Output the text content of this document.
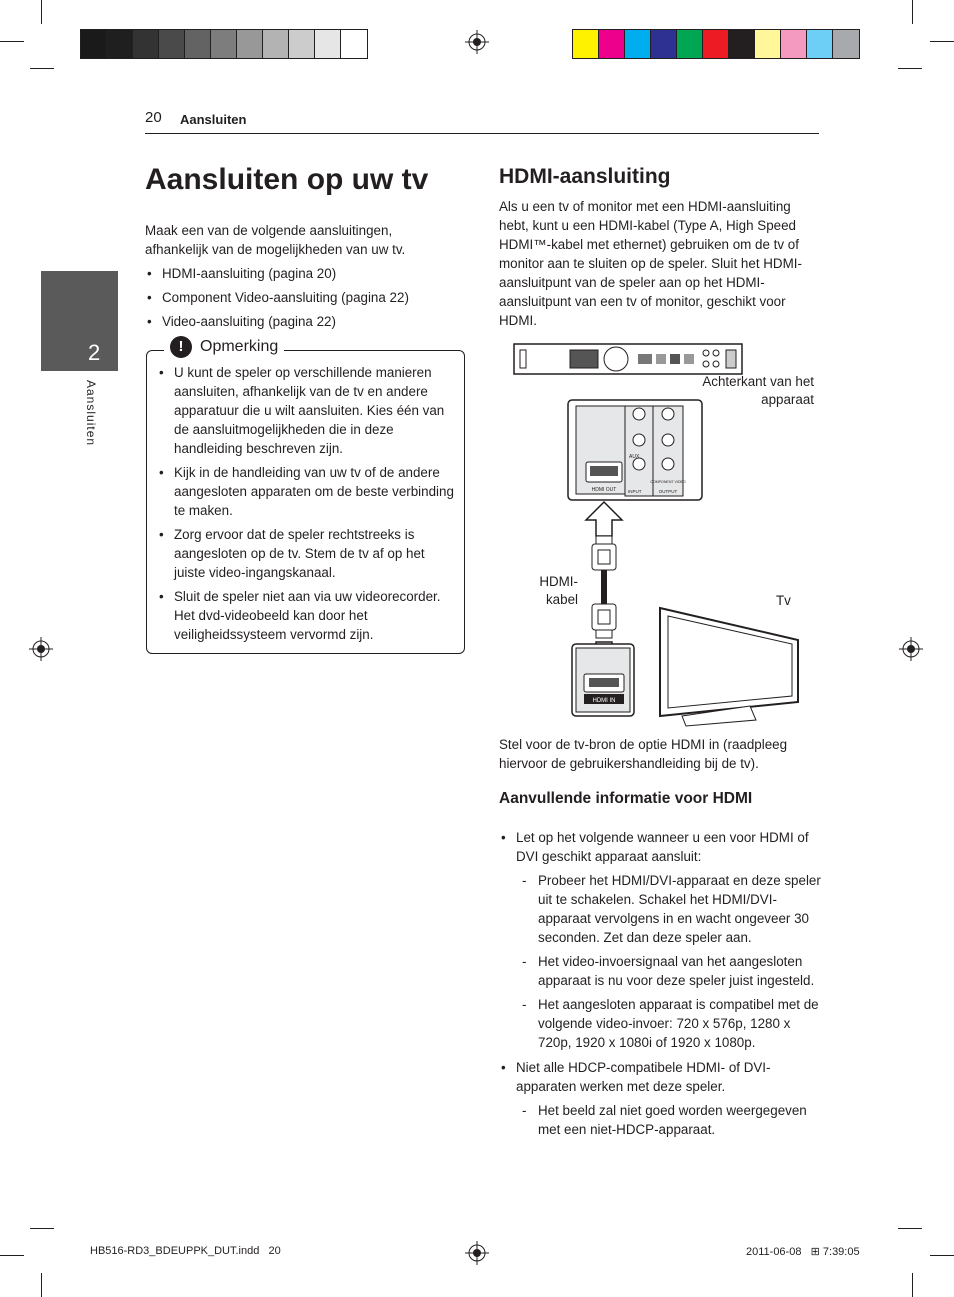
20 Aansluiten
2
Aansluiten
Aansluiten op uw tv
Maak een van de volgende aansluitingen, afhankelijk van de mogelijkheden van uw tv.
• HDMI-aansluiting (pagina 20)
• Component Video-aansluiting (pagina 22)
• Video-aansluiting (pagina 22)
• U kunt de speler op verschillende manieren aansluiten, afhankelijk van de tv en andere apparatuur die u wilt aansluiten. Kies één van de aansluitmogelijkheden die in deze handleiding beschreven zijn.
• Kijk in de handleiding van uw tv of de andere aangesloten apparaten om de beste verbinding te maken.
• Zorg ervoor dat de speler rechtstreeks is aangesloten op de tv. Stem de tv af op het juiste video-ingangskanaal.
• Sluit de speler niet aan via uw videorecorder. Het dvd-videobeeld kan door het veiligheidssysteem vervormd zijn.
!	Opmerking
HDMI-aansluiting
Als u een tv of monitor met een HDMI-aansluiting hebt, kunt u een HDMI-kabel (Type A, High Speed HDMI™-kabel met ethernet) gebruiken om de tv of monitor aan te sluiten op de speler. Sluit het HDMI-aansluitpunt van de speler aan op het HDMI-aansluitpunt van een tv of monitor, geschikt voor HDMI.
HDMI OUT
AUX
INPUT
COMPONENT VIDEO
OUTPUT
HDMI IN
Achterkant van het apparaat
HDMI-kabel	Tv
Stel voor de tv-bron de optie HDMI in (raadpleeg hiervoor de gebruikershandleiding bij de tv).
Aanvullende informatie voor HDMI
• Let op het volgende wanneer u een voor HDMI of DVI geschikt apparaat aansluit:
- Probeer het HDMI/DVI-apparaat en deze speler uit te schakelen. Schakel het HDMI/DVI-apparaat vervolgens in en wacht ongeveer 30 seconden. Zet dan deze speler aan.
- Het video-invoersignaal van het aangesloten apparaat is nu voor deze speler juist ingesteld.
- Het aangesloten apparaat is compatibel met de volgende video-invoer: 720 x 576p, 1280 x 720p, 1920 x 1080i of 1920 x 1080p.
• Niet alle HDCP-compatibele HDMI- of DVI-apparaten werken met deze speler.
- Het beeld zal niet goed worden weergegeven met een niet-HDCP-apparaat.
HB516-RD3_BDEUPPK_DUT.indd   20	2011-06-08   ⊞ 7:39:05
